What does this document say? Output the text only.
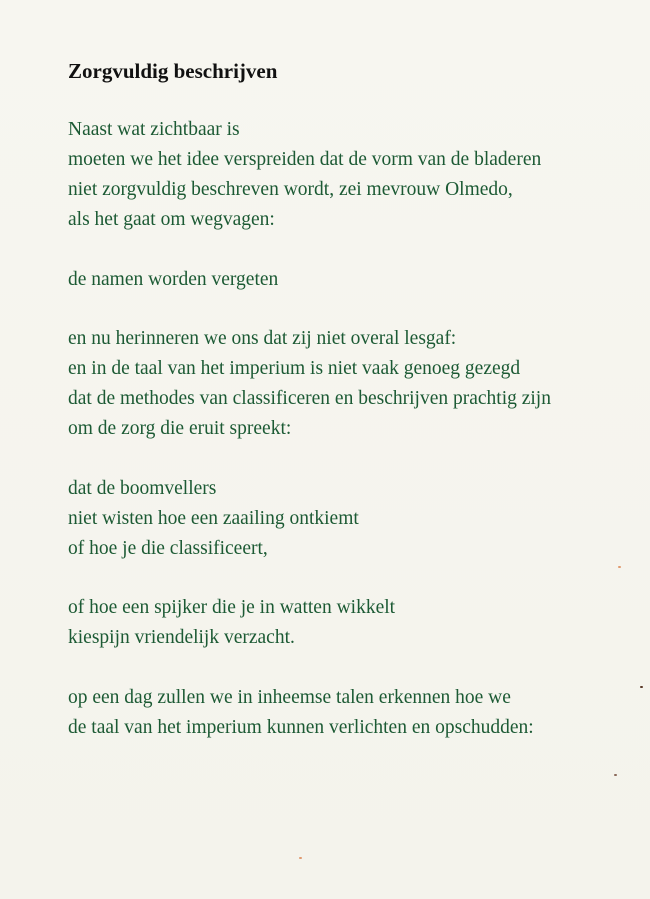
Zorgvuldig beschrijven
Naast wat zichtbaar is
moeten we het idee verspreiden dat de vorm van de bladeren
niet zorgvuldig beschreven wordt, zei mevrouw Olmedo,
als het gaat om wegvagen:
de namen worden vergeten
en nu herinneren we ons dat zij niet overal lesgaf:
en in de taal van het imperium is niet vaak genoeg gezegd
dat de methodes van classificeren en beschrijven prachtig zijn
om de zorg die eruit spreekt:
dat de boomvellers
niet wisten hoe een zaailing ontkiemt
of hoe je die classificeert,
of hoe een spijker die je in watten wikkelt
kiespijn vriendelijk verzacht.
op een dag zullen we in inheemse talen erkennen hoe we
de taal van het imperium kunnen verlichten en opschudden:
